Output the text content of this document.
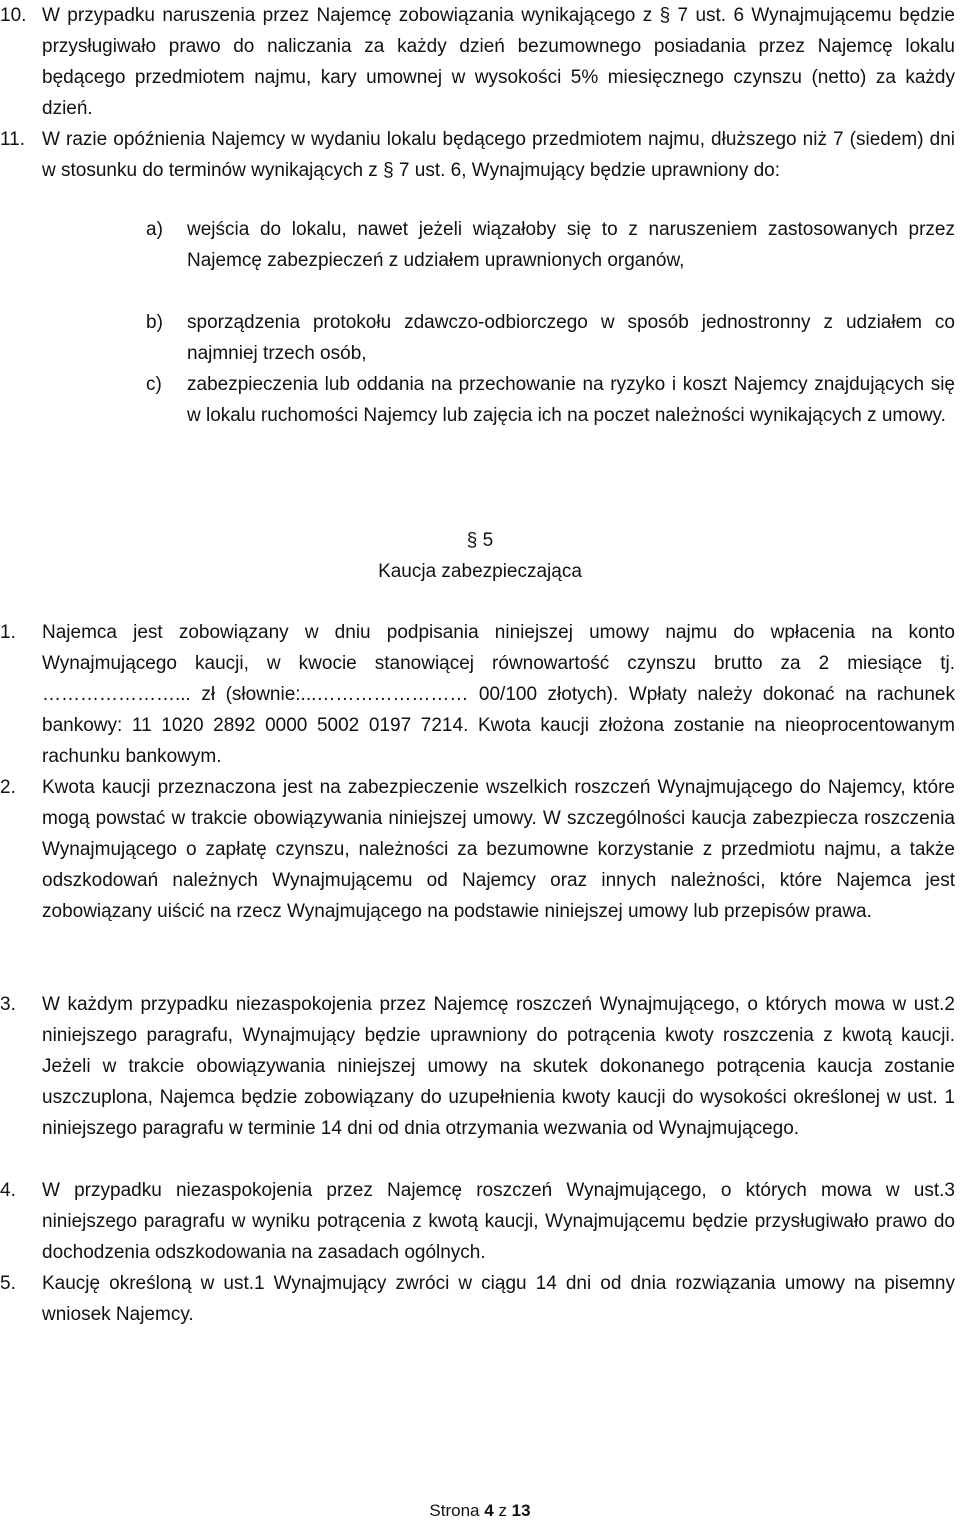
10. W przypadku naruszenia przez Najemcę zobowiązania wynikającego z § 7 ust. 6 Wynajmującemu będzie przysługiwało prawo do naliczania za każdy dzień bezumownego posiadania przez Najemcę lokalu będącego przedmiotem najmu, kary umownej w wysokości 5% miesięcznego czynszu (netto) za każdy dzień.
11. W razie opóźnienia Najemcy w wydaniu lokalu będącego przedmiotem najmu, dłuższego niż 7 (siedem) dni w stosunku do terminów wynikających z § 7 ust. 6, Wynajmujący będzie uprawniony do:
a) wejścia do lokalu, nawet jeżeli wiązałoby się to z naruszeniem zastosowanych przez Najemcę zabezpieczeń z udziałem uprawnionych organów,
b) sporządzenia protokołu zdawczo-odbiorczego w sposób jednostronny z udziałem co najmniej trzech osób,
c) zabezpieczenia lub oddania na przechowanie na ryzyko i koszt Najemcy znajdujących się w lokalu ruchomości Najemcy lub zajęcia ich na poczet należności wynikających z umowy.
§ 5
Kaucja zabezpieczająca
1. Najemca jest zobowiązany w dniu podpisania niniejszej umowy najmu do wpłacenia na konto Wynajmującego kaucji, w kwocie stanowiącej równowartość czynszu brutto za 2 miesiące tj. …………………... zł (słownie:...…………………… 00/100 złotych). Wpłaty należy dokonać na rachunek bankowy: 11 1020 2892 0000 5002 0197 7214. Kwota kaucji złożona zostanie na nieoprocentowanym rachunku bankowym.
2. Kwota kaucji przeznaczona jest na zabezpieczenie wszelkich roszczeń Wynajmującego do Najemcy, które mogą powstać w trakcie obowiązywania niniejszej umowy. W szczególności kaucja zabezpiecza roszczenia Wynajmującego o zapłatę czynszu, należności za bezumowne korzystanie z przedmiotu najmu, a także odszkodowań należnych Wynajmującemu od Najemcy oraz innych należności, które Najemca jest zobowiązany uiścić na rzecz Wynajmującego na podstawie niniejszej umowy lub przepisów prawa.
3. W każdym przypadku niezaspokojenia przez Najemcę roszczeń Wynajmującego, o których mowa w ust.2 niniejszego paragrafu, Wynajmujący będzie uprawniony do potrącenia kwoty roszczenia z kwotą kaucji. Jeżeli w trakcie obowiązywania niniejszej umowy na skutek dokonanego potrącenia kaucja zostanie uszczuplona, Najemca będzie zobowiązany do uzupełnienia kwoty kaucji do wysokości określonej w ust. 1 niniejszego paragrafu w terminie 14 dni od dnia otrzymania wezwania od Wynajmującego.
4. W przypadku niezaspokojenia przez Najemcę roszczeń Wynajmującego, o których mowa w ust.3 niniejszego paragrafu w wyniku potrącenia z kwotą kaucji, Wynajmującemu będzie przysługiwało prawo do dochodzenia odszkodowania na zasadach ogólnych.
5. Kaucję określoną w ust.1 Wynajmujący zwróci w ciągu 14 dni od dnia rozwiązania umowy na pisemny wniosek Najemcy.
Strona 4 z 13
